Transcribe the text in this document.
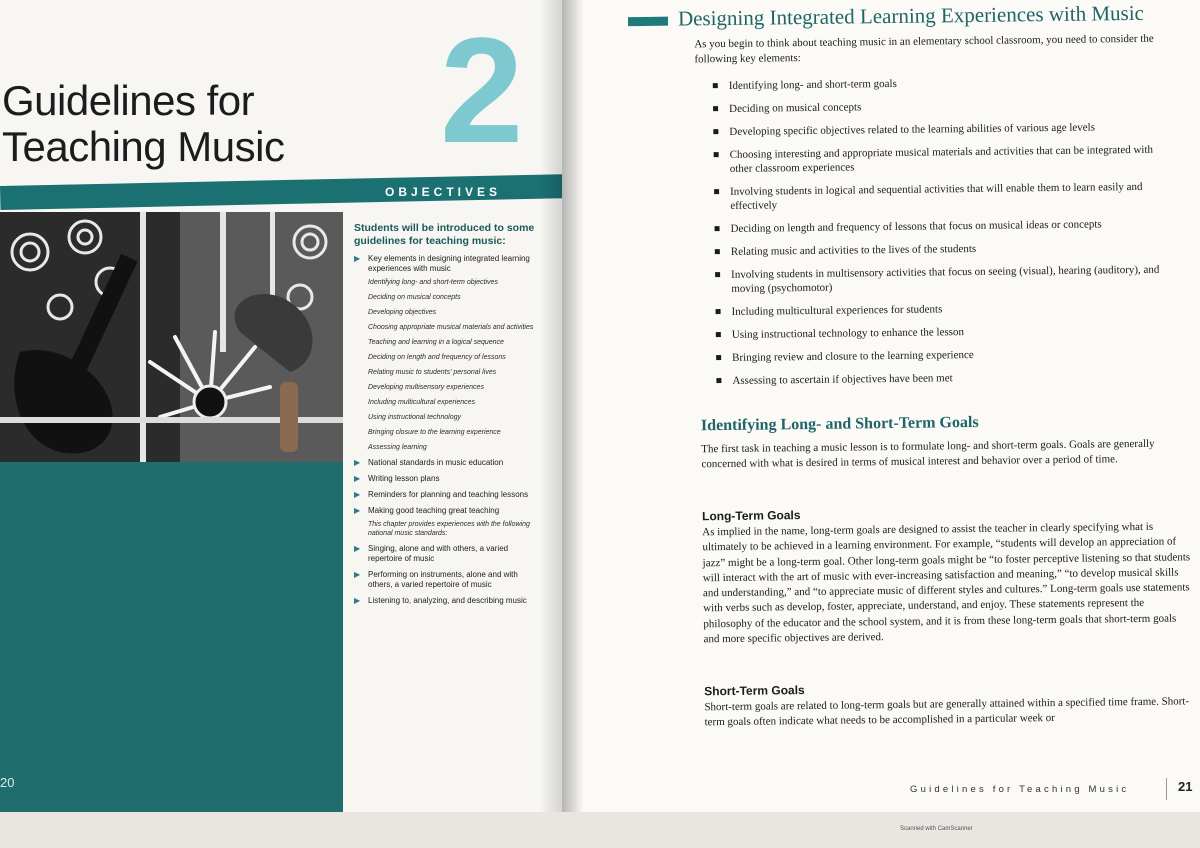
Guidelines for
Teaching Music 2
OBJECTIVES
20

Students will be introduced to some guidelines for teaching music:

▶ Key elements in designing integrated learning experiences with music
Identifying long- and short-term objectives
Deciding on musical concepts
Developing objectives
Choosing appropriate musical materials and activities
Teaching and learning in a logical sequence
Deciding on length and frequency of lessons
Relating music to students' personal lives
Developing multisensory experiences
Including multicultural experiences
Using instructional technology
Bringing closure to the learning experience
Assessing learning
▶ National standards in music education
▶ Writing lesson plans
▶ Reminders for planning and teaching lessons
▶ Making good teaching great teaching
This chapter provides experiences with the following national music standards:
▶ Singing, alone and with others, a varied repertoire of music
▶ Performing on instruments, alone and with others, a varied repertoire of music
▶ Listening to, analyzing, and describing music
Designing Integrated Learning Experiences with Music

As you begin to think about teaching music in an elementary school classroom, you need to consider the following key elements:

Identifying long- and short-term goals
Deciding on musical concepts
Developing specific objectives related to the learning abilities of various age levels
Choosing interesting and appropriate musical materials and activities that can be integrated with other classroom experiences
Involving students in logical and sequential activities that will enable them to learn easily and effectively
Deciding on length and frequency of lessons that focus on musical ideas or concepts
Relating music and activities to the lives of the students
Involving students in multisensory activities that focus on seeing (visual), hearing (auditory), and moving (psychomotor)
Including multicultural experiences for students
Using instructional technology to enhance the lesson
Bringing review and closure to the learning experience
Assessing to ascertain if objectives have been met
Identifying Long- and Short-Term Goals

The first task in teaching a music lesson is to formulate long- and short-term goals. Goals are generally concerned with what is desired in terms of musical interest and behavior over a period of time.

Long-Term Goals

As implied in the name, long-term goals are designed to assist the teacher in clearly specifying what is ultimately to be achieved in a learning environment. For example, “students will develop an appreciation of jazz” might be a long-term goal. Other long-term goals might be “to foster perceptive listening so that students will interact with the art of music with ever-increasing satisfaction and meaning,” “to develop musical skills and understanding,” and “to appreciate music of different styles and cultures.” Long-term goals use statements with verbs such as develop, foster, appreciate, understand, and enjoy. These statements represent the philosophy of the educator and the school system, and it is from these long-term goals that short-term goals and more specific objectives are derived.

Short-Term Goals

Short-term goals are related to long-term goals but are generally attained within a specified time frame. Short-term goals often indicate what needs to be accomplished in a particular week or

Guidelines for Teaching Music	21
Scanned with CamScanner
